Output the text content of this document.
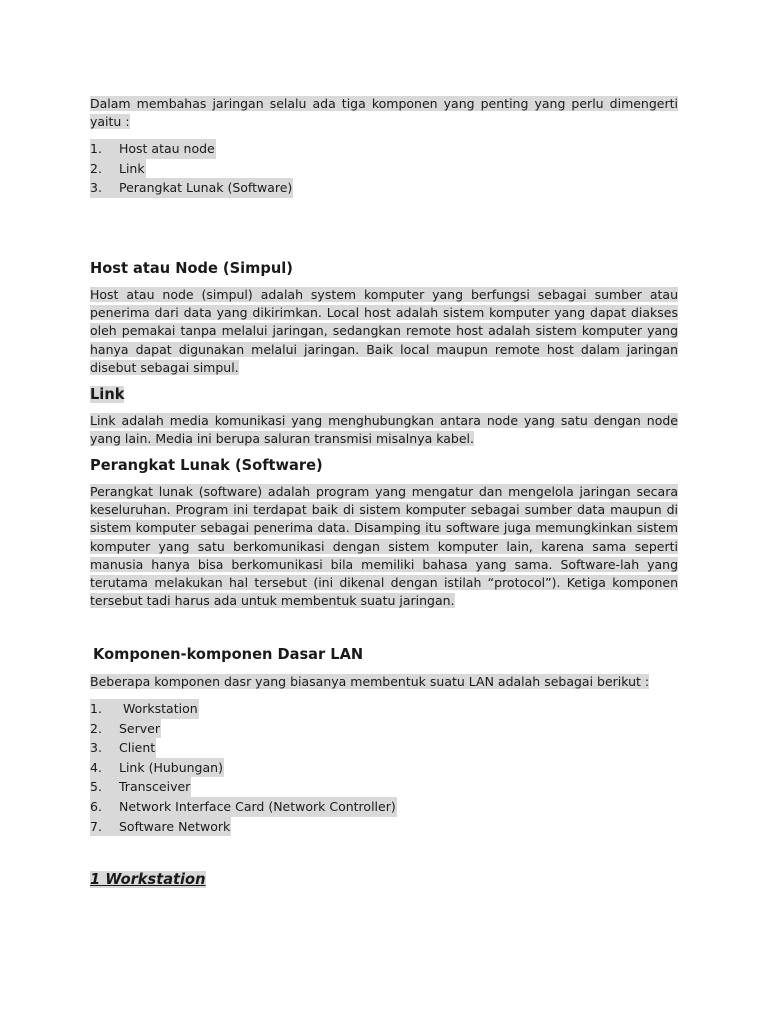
Dalam membahas jaringan selalu ada tiga komponen yang penting yang perlu dimengerti yaitu :

1.	Host atau node
2.	Link
3.	Perangkat Lunak (Software)
Host atau Node (Simpul)

Host atau node (simpul) adalah system komputer yang berfungsi sebagai sumber atau penerima dari data yang dikirimkan. Local host adalah sistem komputer yang dapat diakses oleh pemakai tanpa melalui jaringan, sedangkan remote host adalah sistem komputer yang hanya dapat digunakan melalui jaringan. Baik local maupun remote host dalam jaringan disebut sebagai simpul.

Link

Link adalah media komunikasi yang menghubungkan antara node yang satu dengan node yang lain. Media ini berupa saluran transmisi misalnya kabel.

Perangkat Lunak (Software)

Perangkat lunak (software) adalah program yang mengatur dan mengelola jaringan secara keseluruhan. Program ini terdapat baik di sistem komputer sebagai sumber data maupun di sistem komputer sebagai penerima data. Disamping itu software juga memungkinkan sistem komputer yang satu berkomunikasi dengan sistem komputer lain, karena sama seperti manusia hanya bisa berkomunikasi bila memiliki bahasa yang sama. Software-lah yang terutama melakukan hal tersebut (ini dikenal dengan istilah “protocol”). Ketiga komponen tersebut tadi harus ada untuk membentuk suatu jaringan.

Komponen-komponen Dasar LAN

Beberapa komponen dasr yang biasanya membentuk suatu LAN adalah sebagai berikut :

1.	Workstation
2.	Server
3.	Client
4.	Link (Hubungan)
5.	Transceiver
6.	Network Interface Card (Network Controller)
7.	Software Network
1 Workstation
